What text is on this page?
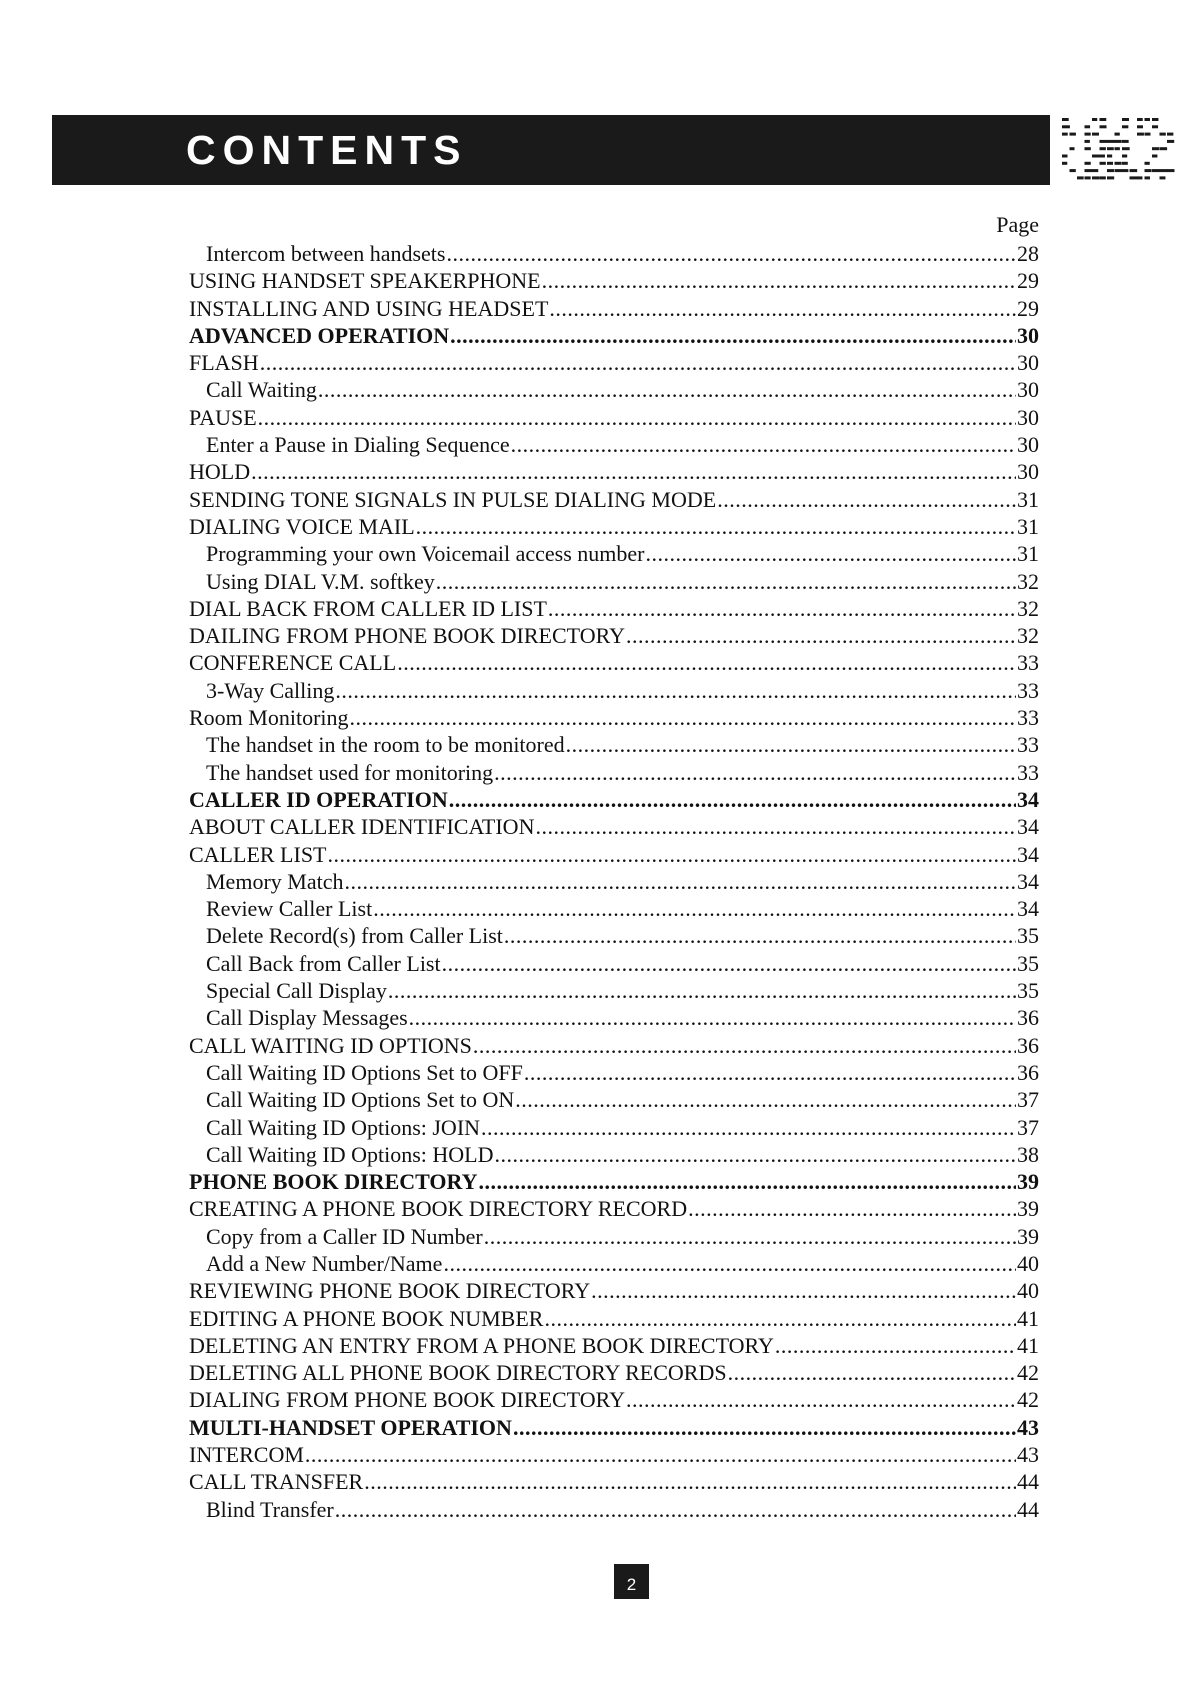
CONTENTS
Page
Intercom between handsets .....	28
USING HANDSET SPEAKERPHONE .....	29
INSTALLING AND USING HEADSET .....	29
ADVANCED OPERATION .....	30
FLASH .....	30
Call Waiting .....	30
PAUSE .....	30
Enter a Pause in Dialing Sequence .....	30
HOLD .....	30
SENDING TONE SIGNALS IN PULSE DIALING MODE .....	31
DIALING VOICE MAIL .....	31
Programming your own Voicemail access number .....	31
Using DIAL V.M. softkey .....	32
DIAL BACK FROM CALLER ID LIST .....	32
DAILING FROM PHONE BOOK DIRECTORY .....	32
CONFERENCE CALL .....	33
3-Way Calling .....	33
Room Monitoring .....	33
The handset in the room to be monitored .....	33
The handset used for monitoring .....	33
CALLER ID OPERATION .....	34
ABOUT CALLER IDENTIFICATION .....	34
CALLER LIST .....	34
Memory Match .....	34
Review Caller List .....	34
Delete Record(s) from Caller List .....	35
Call Back from Caller List .....	35
Special Call Display .....	35
Call Display Messages .....	36
CALL WAITING ID OPTIONS .....	36
Call Waiting ID Options Set to OFF .....	36
Call Waiting ID Options Set to ON .....	37
Call Waiting ID Options: JOIN .....	37
Call Waiting ID Options: HOLD .....	38
PHONE BOOK DIRECTORY .....	39
CREATING A PHONE BOOK DIRECTORY RECORD .....	39
Copy from a Caller ID Number .....	39
Add a New Number/Name .....	40
REVIEWING PHONE BOOK DIRECTORY .....	40
EDITING A PHONE BOOK NUMBER .....	41
DELETING AN ENTRY FROM A PHONE BOOK DIRECTORY .....	41
DELETING ALL PHONE BOOK DIRECTORY RECORDS .....	42
DIALING FROM PHONE BOOK DIRECTORY .....	42
MULTI-HANDSET OPERATION .....	43
INTERCOM .....	43
CALL TRANSFER .....	44
Blind Transfer .....	44
2
